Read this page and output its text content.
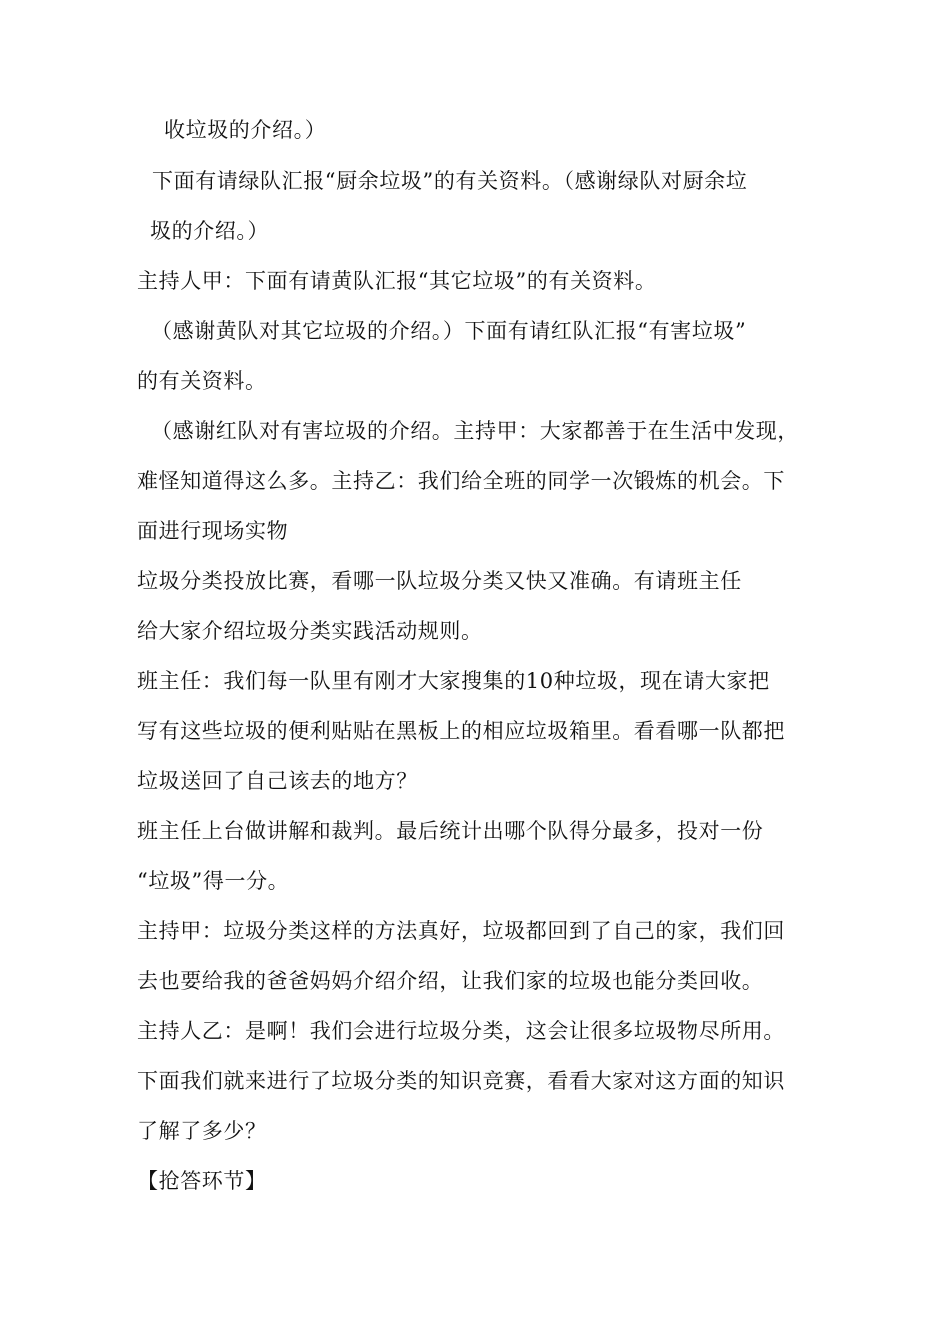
收垃圾的介绍。）
下面有请绿队汇报“厨余垃圾”的有关资料。（感谢绿队对厨余垃
圾的介绍。）
主持人甲：下面有请黄队汇报“其它垃圾”的有关资料。
（感谢黄队对其它垃圾的介绍。）下面有请红队汇报“有害垃圾”
的有关资料。
（感谢红队对有害垃圾的介绍。主持甲：大家都善于在生活中发现，
难怪知道得这么多。主持乙：我们给全班的同学一次锻炼的机会。下
面进行现场实物
垃圾分类投放比赛，看哪一队垃圾分类又快又准确。有请班主任
给大家介绍垃圾分类实践活动规则。
班主任：我们每一队里有刚才大家搜集的10种垃圾，现在请大家把
写有这些垃圾的便利贴贴在黑板上的相应垃圾箱里。看看哪一队都把
垃圾送回了自己该去的地方？
班主任上台做讲解和裁判。最后统计出哪个队得分最多，投对一份
“垃圾”得一分。
主持甲：垃圾分类这样的方法真好，垃圾都回到了自己的家，我们回
去也要给我的爸爸妈妈介绍介绍，让我们家的垃圾也能分类回收。
主持人乙：是啊！我们会进行垃圾分类，这会让很多垃圾物尽所用。
下面我们就来进行了垃圾分类的知识竞赛，看看大家对这方面的知识
了解了多少？
【抢答环节】
